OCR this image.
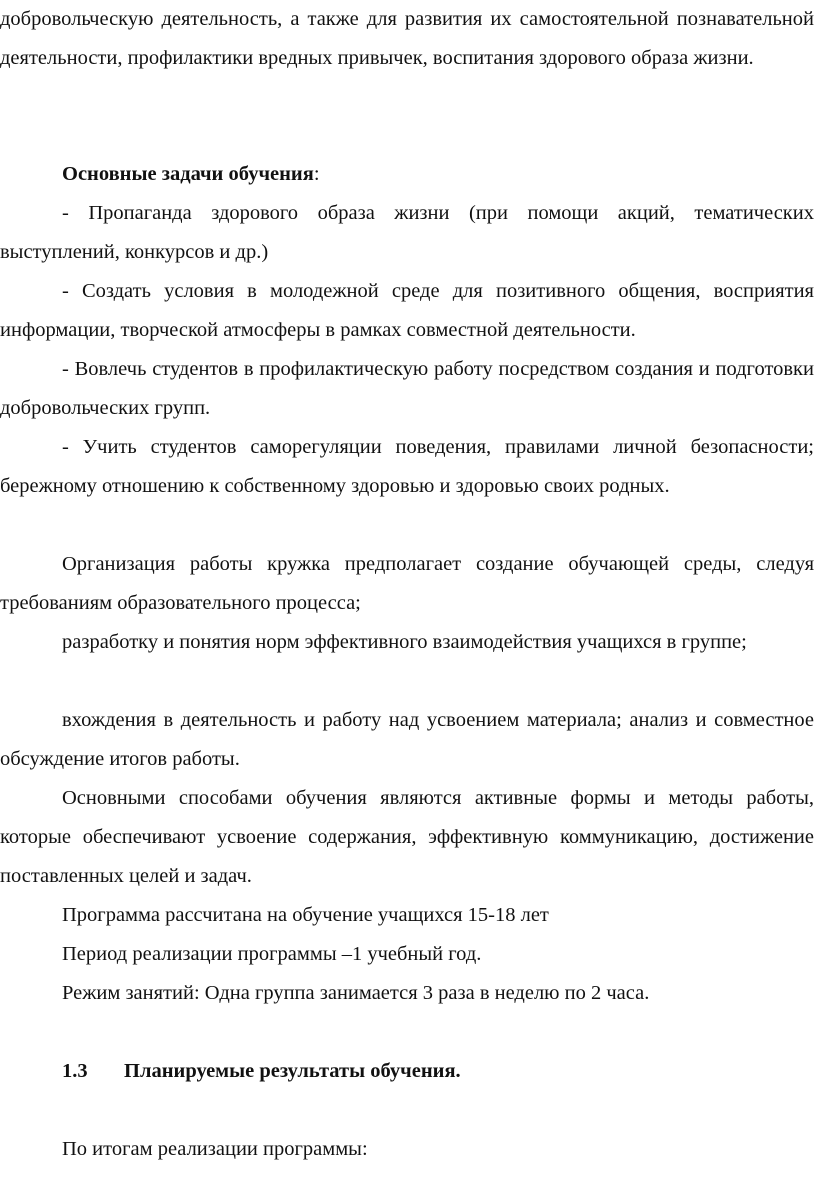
добровольческую деятельность, а также для развития их самостоятельной познавательной деятельности, профилактики вредных привычек, воспитания здорового образа жизни.
Основные задачи обучения:
- Пропаганда здорового образа жизни (при помощи акций, тематических выступлений, конкурсов и др.)
- Создать условия в молодежной среде для позитивного общения, восприятия информации, творческой атмосферы в рамках совместной деятельности.
- Вовлечь студентов в профилактическую работу посредством создания и подготовки добровольческих групп.
- Учить студентов саморегуляции поведения, правилами личной безопасности; бережному отношению к собственному здоровью и здоровью своих родных.
Организация работы кружка предполагает создание обучающей среды, следуя требованиям образовательного процесса;
разработку и понятия норм эффективного взаимодействия учащихся в группе;
вхождения в деятельность и работу над усвоением материала; анализ и совместное обсуждение итогов работы.
Основными способами обучения являются активные формы и методы работы, которые обеспечивают усвоение содержания, эффективную коммуникацию, достижение поставленных целей и задач.
Программа рассчитана на обучение учащихся 15-18 лет
Период реализации программы –1 учебный год.
Режим занятий: Одна группа занимается 3 раза в неделю по 2 часа.
1.3 Планируемые результаты обучения.
По итогам реализации программы:
